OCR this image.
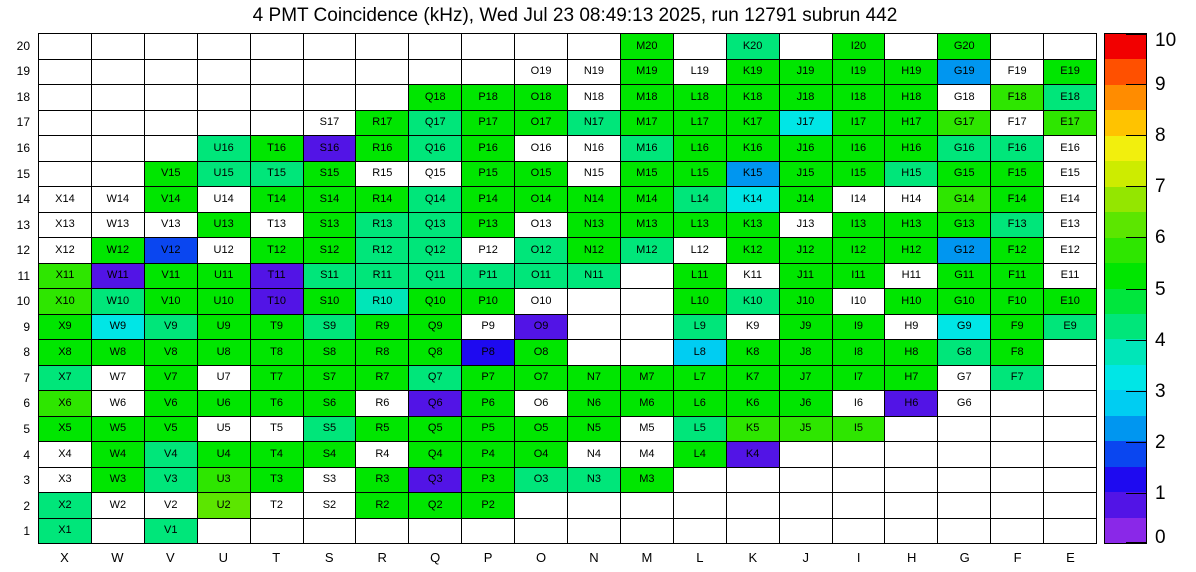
4 PMT Coincidence (kHz), Wed Jul 23 08:49:13 2025, run 12791 subrun 442
M20	K20	I20	G20
O19	N19	M19	L19	K19	J19	I19	H19	G19	F19	E19
Q18	P18	O18	N18	M18	L18	K18	J18	I18	H18	G18	F18	E18
S17	R17	Q17	P17	O17	N17	M17	L17	K17	J17	I17	H17	G17	F17	E17
U16	T16	S16	R16	Q16	P16	O16	N16	M16	L16	K16	J16	I16	H16	G16	F16	E16
V15	U15	T15	S15	R15	Q15	P15	O15	N15	M15	L15	K15	J15	I15	H15	G15	F15	E15
X14	W14	V14	U14	T14	S14	R14	Q14	P14	O14	N14	M14	L14	K14	J14	I14	H14	G14	F14	E14
X13	W13	V13	U13	T13	S13	R13	Q13	P13	O13	N13	M13	L13	K13	J13	I13	H13	G13	F13	E13
X12	W12	V12	U12	T12	S12	R12	Q12	P12	O12	N12	M12	L12	K12	J12	I12	H12	G12	F12	E12
X11	W11	V11	U11	T11	S11	R11	Q11	P11	O11	N11	L11	K11	J11	I11	H11	G11	F11	E11
X10	W10	V10	U10	T10	S10	R10	Q10	P10	O10	L10	K10	J10	I10	H10	G10	F10	E10
X9	W9	V9	U9	T9	S9	R9	Q9	P9	O9	L9	K9	J9	I9	H9	G9	F9	E9
X8	W8	V8	U8	T8	S8	R8	Q8	P8	O8	L8	K8	J8	I8	H8	G8	F8
X7	W7	V7	U7	T7	S7	R7	Q7	P7	O7	N7	M7	L7	K7	J7	I7	H7	G7	F7
X6	W6	V6	U6	T6	S6	R6	Q6	P6	O6	N6	M6	L6	K6	J6	I6	H6	G6
X5	W5	V5	U5	T5	S5	R5	Q5	P5	O5	N5	M5	L5	K5	J5	I5
X4	W4	V4	U4	T4	S4	R4	Q4	P4	O4	N4	M4	L4	K4
X3	W3	V3	U3	T3	S3	R3	Q3	P3	O3	N3	M3
X2	W2	V2	U2	T2	S2	R2	Q2	P2
X1	V1
20
19
18
17
16
15
14
13
12
11
10
9
8
7
6
5
4
3
2
1
X	W	V	U	T	S	R	Q	P	O	N	M	L	K	J	I	H	G	F	E
10
9
8
7
6
5
4
3
2
1
0
